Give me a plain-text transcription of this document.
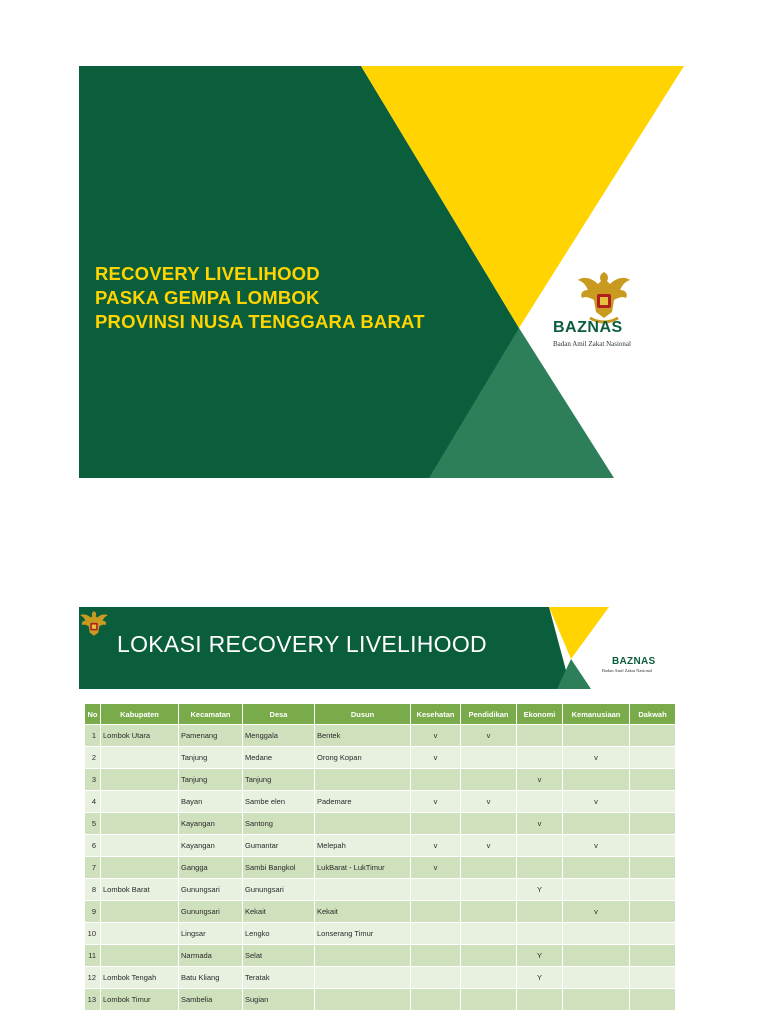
RECOVERY LIVELIHOOD
PASKA GEMPA LOMBOK
PROVINSI NUSA TENGGARA BARAT	BAZNAS
Badan Amil Zakat Nasional
LOKASI RECOVERY LIVELIHOOD
BAZNAS
Badan Amil Zakat Nasional
No	Kabupaten	Kecamatan	Desa	Dusun	Kesehatan	Pendidikan	Ekonomi	Kemanusiaan	Dakwah
1	Lombok Utara	Pamenang	Menggala	Bentek	v	v			
2		Tanjung	Medane	Orong Kopan	v			v	
3		Tanjung	Tanjung				v		
4		Bayan	Sambe elen	Pademare	v	v		v	
5		Kayangan	Santong				v		
6		Kayangan	Gumantar	Melepah	v	v		v	
7		Gangga	Sambi Bangkol	LukBarat - LukTimur	v				
8	Lombok Barat	Gunungsari	Gunungsari				Y		
9		Gunungsari	Kekait	Kekait				v	
10		Lingsar	Lengko	Lonserang Timur					
11		Narmada	Selat				Y		
12	Lombok Tengah	Batu Kliang	Teratak				Y		
13	Lombok Timur	Sambelia	Sugian						
